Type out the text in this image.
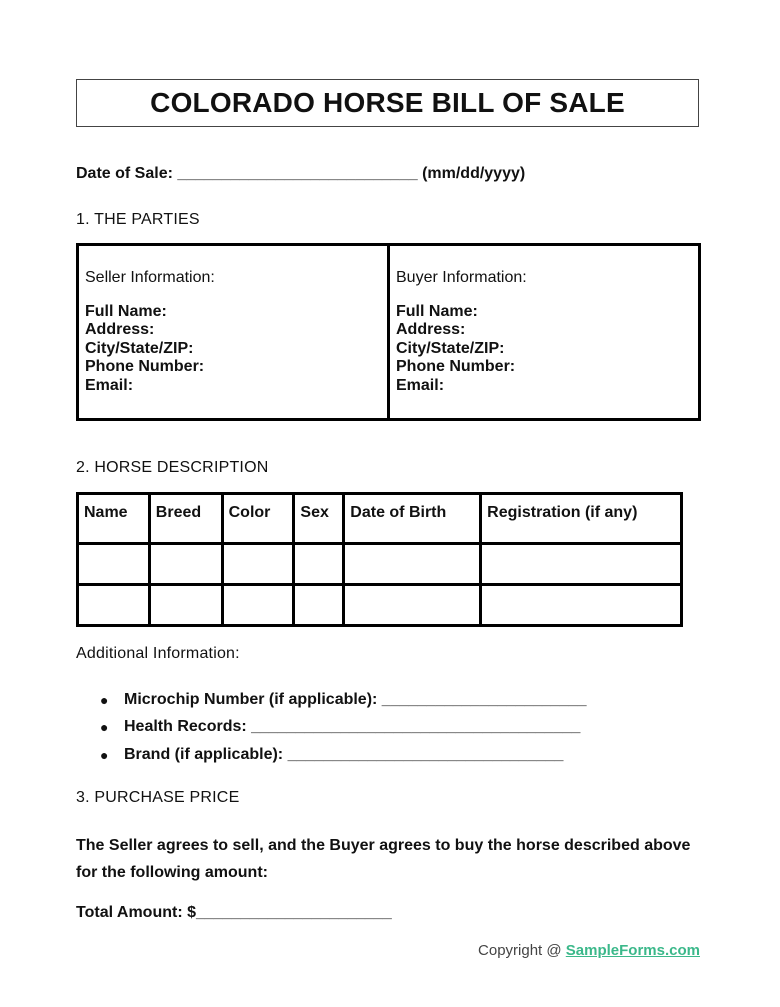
COLORADO HORSE BILL OF SALE
Date of Sale: ___________________________ (mm/dd/yyyy)
1. THE PARTIES
Seller Information:
Full Name:
Address:
City/State/ZIP:
Phone Number:
Email:
Buyer Information:
Full Name:
Address:
City/State/ZIP:
Phone Number:
Email:
2. HORSE DESCRIPTION
Name	Breed	Color	Sex	Date of Birth	Registration (if any)

Additional Information:
● Microchip Number (if applicable): _______________________
● Health Records: _____________________________________
● Brand (if applicable): _______________________________
3. PURCHASE PRICE
The Seller agrees to sell, and the Buyer agrees to buy the horse described above for the following amount:
Total Amount: $______________________
Copyright @ SampleForms.com
